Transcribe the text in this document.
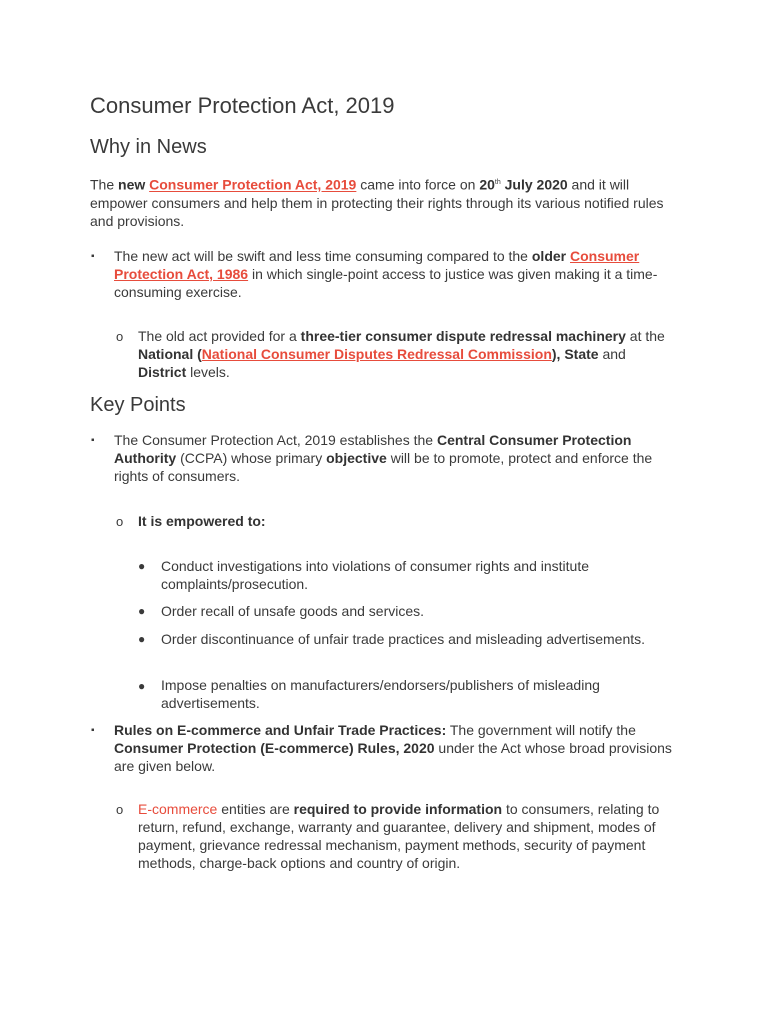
Consumer Protection Act, 2019
Why in News
The new Consumer Protection Act, 2019 came into force on 20th July 2020 and it will empower consumers and help them in protecting their rights through its various notified rules and provisions.
▪ The new act will be swift and less time consuming compared to the older Consumer Protection Act, 1986 in which single-point access to justice was given making it a time-consuming exercise.
o The old act provided for a three-tier consumer dispute redressal machinery at the National (National Consumer Disputes Redressal Commission), State and District levels.
Key Points
▪ The Consumer Protection Act, 2019 establishes the Central Consumer Protection Authority (CCPA) whose primary objective will be to promote, protect and enforce the rights of consumers.
o It is empowered to:
● Conduct investigations into violations of consumer rights and institute complaints/prosecution.
● Order recall of unsafe goods and services.
● Order discontinuance of unfair trade practices and misleading advertisements.
● Impose penalties on manufacturers/endorsers/publishers of misleading advertisements.
▪ Rules on E-commerce and Unfair Trade Practices: The government will notify the Consumer Protection (E-commerce) Rules, 2020 under the Act whose broad provisions are given below.
o E-commerce entities are required to provide information to consumers, relating to return, refund, exchange, warranty and guarantee, delivery and shipment, modes of payment, grievance redressal mechanism, payment methods, security of payment methods, charge-back options and country of origin.
